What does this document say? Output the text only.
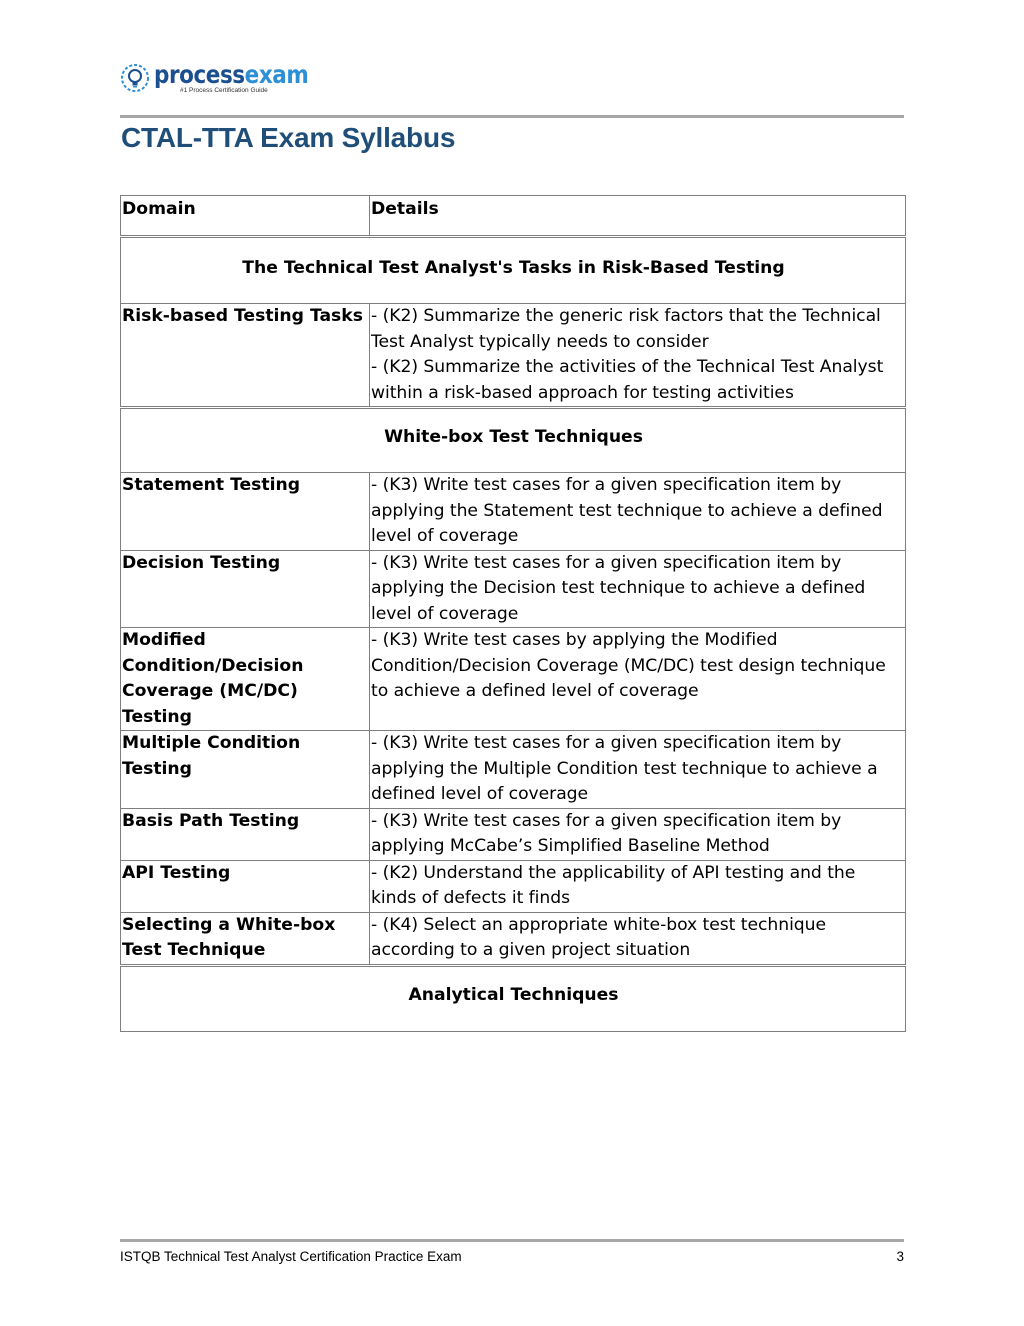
processexam
#1 Process Certification Guide
CTAL-TTA Exam Syllabus
Domain	Details
The Technical Test Analyst's Tasks in Risk-Based Testing	
Risk-based Testing Tasks	- (K2) Summarize the generic risk factors that the Technical Test Analyst typically needs to consider
- (K2) Summarize the activities of the Technical Test Analyst within a risk-based approach for testing activities

White-box Test Techniques	
Statement Testing	- (K3) Write test cases for a given specification item by applying the Statement test technique to achieve a defined level of coverage

Decision Testing	- (K3) Write test cases for a given specification item by applying the Decision test technique to achieve a defined level of coverage

Modified Condition/Decision Coverage (MC/DC) Testing	- (K3) Write test cases by applying the Modified Condition/Decision Coverage (MC/DC) test design technique to achieve a defined level of coverage

Multiple Condition Testing	- (K3) Write test cases for a given specification item by applying the Multiple Condition test technique to achieve a defined level of coverage

Basis Path Testing	- (K3) Write test cases for a given specification item by applying McCabe’s Simplified Baseline Method

API Testing	- (K2) Understand the applicability of API testing and the kinds of defects it finds

Selecting a White-box Test Technique	- (K4) Select an appropriate white-box test technique according to a given project situation

Analytical Techniques	
ISTQB Technical Test Analyst Certification Practice Exam	3
